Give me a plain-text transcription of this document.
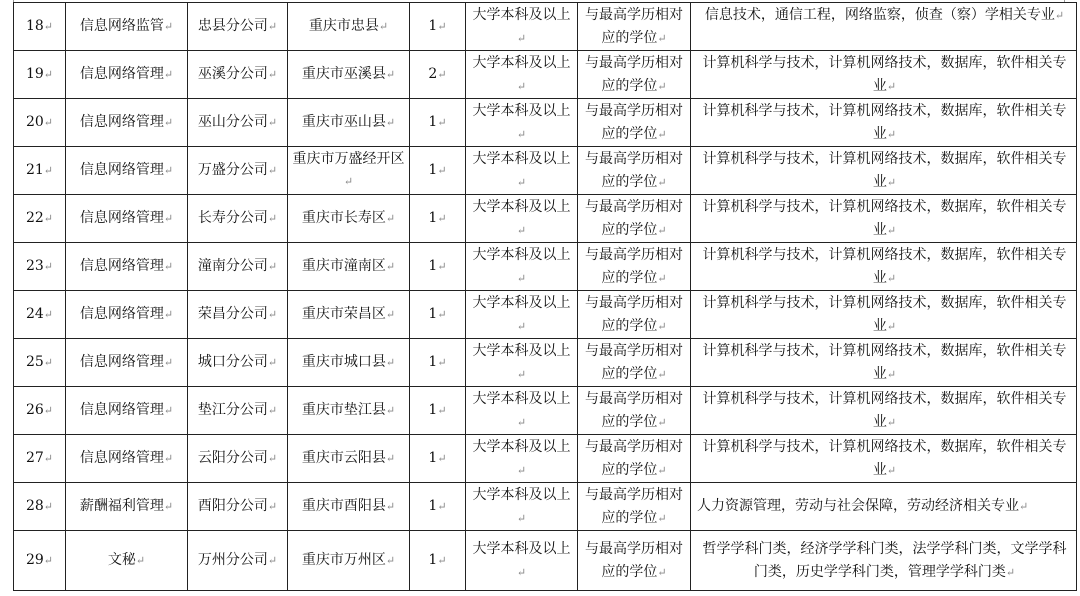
18↵	信息网络监管↵	忠县分公司↵	重庆市忠县↵	1↵	大学本科及以上↵	与最高学历相对应的学位↵	信息技术，通信工程，网络监察，侦查（察）学相关专业↵
19↵	信息网络管理↵	巫溪分公司↵	重庆市巫溪县↵	2↵	大学本科及以上↵	与最高学历相对应的学位↵	计算机科学与技术，计算机网络技术，数据库，软件相关专业↵
20↵	信息网络管理↵	巫山分公司↵	重庆市巫山县↵	1↵	大学本科及以上↵	与最高学历相对应的学位↵	计算机科学与技术，计算机网络技术，数据库，软件相关专业↵
21↵	信息网络管理↵	万盛分公司↵	重庆市万盛经开区↵	1↵	大学本科及以上↵	与最高学历相对应的学位↵	计算机科学与技术，计算机网络技术，数据库，软件相关专业↵
22↵	信息网络管理↵	长寿分公司↵	重庆市长寿区↵	1↵	大学本科及以上↵	与最高学历相对应的学位↵	计算机科学与技术，计算机网络技术，数据库，软件相关专业↵
23↵	信息网络管理↵	潼南分公司↵	重庆市潼南区↵	1↵	大学本科及以上↵	与最高学历相对应的学位↵	计算机科学与技术，计算机网络技术，数据库，软件相关专业↵
24↵	信息网络管理↵	荣昌分公司↵	重庆市荣昌区↵	1↵	大学本科及以上↵	与最高学历相对应的学位↵	计算机科学与技术，计算机网络技术，数据库，软件相关专业↵
25↵	信息网络管理↵	城口分公司↵	重庆市城口县↵	1↵	大学本科及以上↵	与最高学历相对应的学位↵	计算机科学与技术，计算机网络技术，数据库，软件相关专业↵
26↵	信息网络管理↵	垫江分公司↵	重庆市垫江县↵	1↵	大学本科及以上↵	与最高学历相对应的学位↵	计算机科学与技术，计算机网络技术，数据库，软件相关专业↵
27↵	信息网络管理↵	云阳分公司↵	重庆市云阳县↵	1↵	大学本科及以上↵	与最高学历相对应的学位↵	计算机科学与技术，计算机网络技术，数据库，软件相关专业↵
28↵	薪酬福利管理↵	酉阳分公司↵	重庆市酉阳县↵	1↵	大学本科及以上↵	与最高学历相对应的学位↵	人力资源管理，劳动与社会保障，劳动经济相关专业↵
29↵	文秘↵	万州分公司↵	重庆市万州区↵	1↵	大学本科及以上↵	与最高学历相对应的学位↵	哲学学科门类，经济学学科门类，法学学科门类，文学学科门类，历史学学科门类，管理学学科门类↵
